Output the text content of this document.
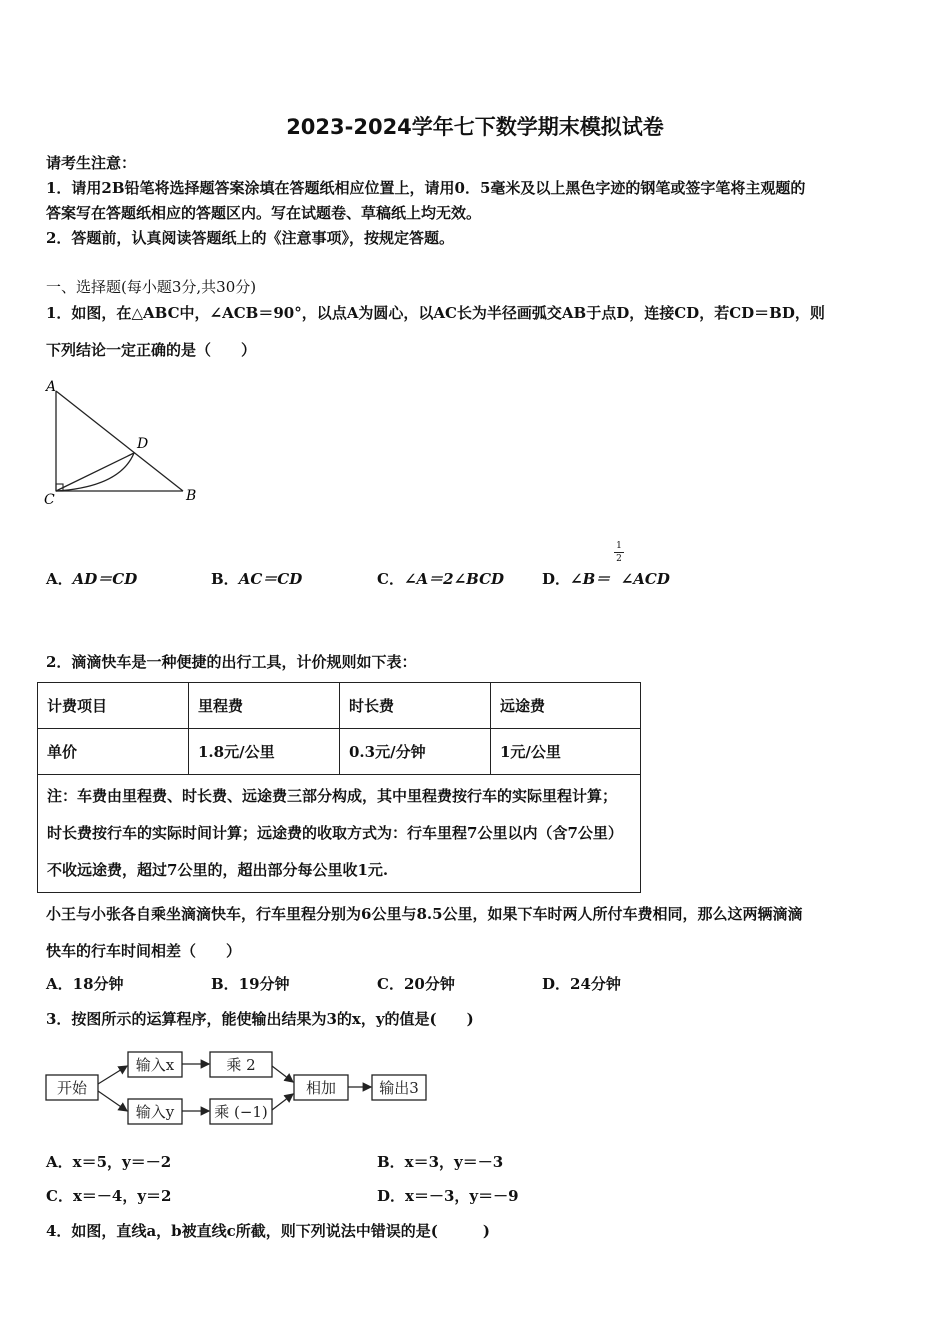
2023-2024学年七下数学期末模拟试卷
请考生注意：
1．请用2B铅笔将选择题答案涂填在答题纸相应位置上，请用0．5毫米及以上黑色字迹的钢笔或签字笔将主观题的
答案写在答题纸相应的答题区内。写在试题卷、草稿纸上均无效。
2．答题前，认真阅读答题纸上的《注意事项》，按规定答题。
一、选择题(每小题3分,共30分)
1．如图，在△ABC中，∠ACB＝90°，以点A为圆心，以AC长为半径画弧交AB于点D，连接CD，若CD＝BD，则
下列结论一定正确的是（　　）
A
D
C	B
A．AD＝CD	B．AC＝CD	C．∠A＝2∠BCD	D．∠B＝  ∠ACD
1
2
2．滴滴快车是一种便捷的出行工具，计价规则如下表：
计费项目	里程费	时长费	远途费
单价	1.8元/公里	0.3元/分钟	1元/公里
注：车费由里程费、时长费、远途费三部分构成，其中里程费按行车的实际里程计算；时长费按行车的实际时间计算；远途费的收取方式为：行车里程7公里以内（含7公里）不收远途费，超过7公里的，超出部分每公里收1元.			
小王与小张各自乘坐滴滴快车，行车里程分别为6公里与8.5公里，如果下车时两人所付车费相同，那么这两辆滴滴
快车的行车时间相差（　　）
A．18分钟	B．19分钟	C．20分钟	D．24分钟
3．按图所示的运算程序，能使输出结果为3的x，y的值是(　　)
开始
输入x	乘 2
输入y	乘 (−1)
相加	输出3
A．x＝5，y＝－2	B．x＝3，y＝－3
C．x＝－4，y＝2	D．x＝－3，y＝－9
4．如图，直线a，b被直线c所截，则下列说法中错误的是(　　　)
